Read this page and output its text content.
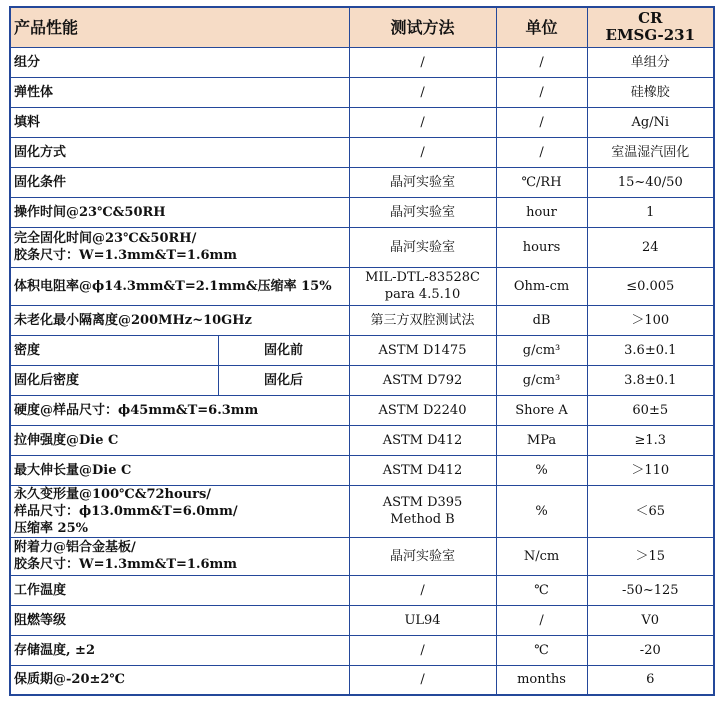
产品性能		测试方法	单位	CR
EMSG-231

组分		/	/	单组分

弹性体		/	/	硅橡胶

填料		/	/	Ag/Ni

固化方式		/	/	室温湿汽固化

固化条件		晶河实验室	℃/RH	15~40/50

操作时间@23℃&50RH		晶河实验室	hour	1

完全固化时间@23℃&50RH/
胶条尺寸：W=1.3mm&T=1.6mm		晶河实验室	hours	24

体积电阻率@ϕ14.3mm&T=2.1mm&压缩率 15%		MIL-DTL-83528C
para 4.5.10	Ohm-cm	≤0.005

未老化最小隔离度@200MHz~10GHz		第三方双腔测试法	dB	＞100

密度	固化前	ASTM D1475	g/cm³	3.6±0.1

固化后密度	固化后	ASTM D792	g/cm³	3.8±0.1

硬度@样品尺寸：ϕ45mm&T=6.3mm		ASTM D2240	Shore A	60±5

拉伸强度@Die C		ASTM D412	MPa	≥1.3

最大伸长量@Die C		ASTM D412	%	＞110

永久变形量@100℃&72hours/
样品尺寸：ϕ13.0mm&T=6.0mm/
压缩率 25%		ASTM D395
Method B	%	＜65

附着力@铝合金基板/
胶条尺寸：W=1.3mm&T=1.6mm		晶河实验室	N/cm	＞15

工作温度		/	℃	-50~125

阻燃等级		UL94	/	V0

存储温度, ±2		/	℃	-20

保质期@-20±2℃		/	months	6
